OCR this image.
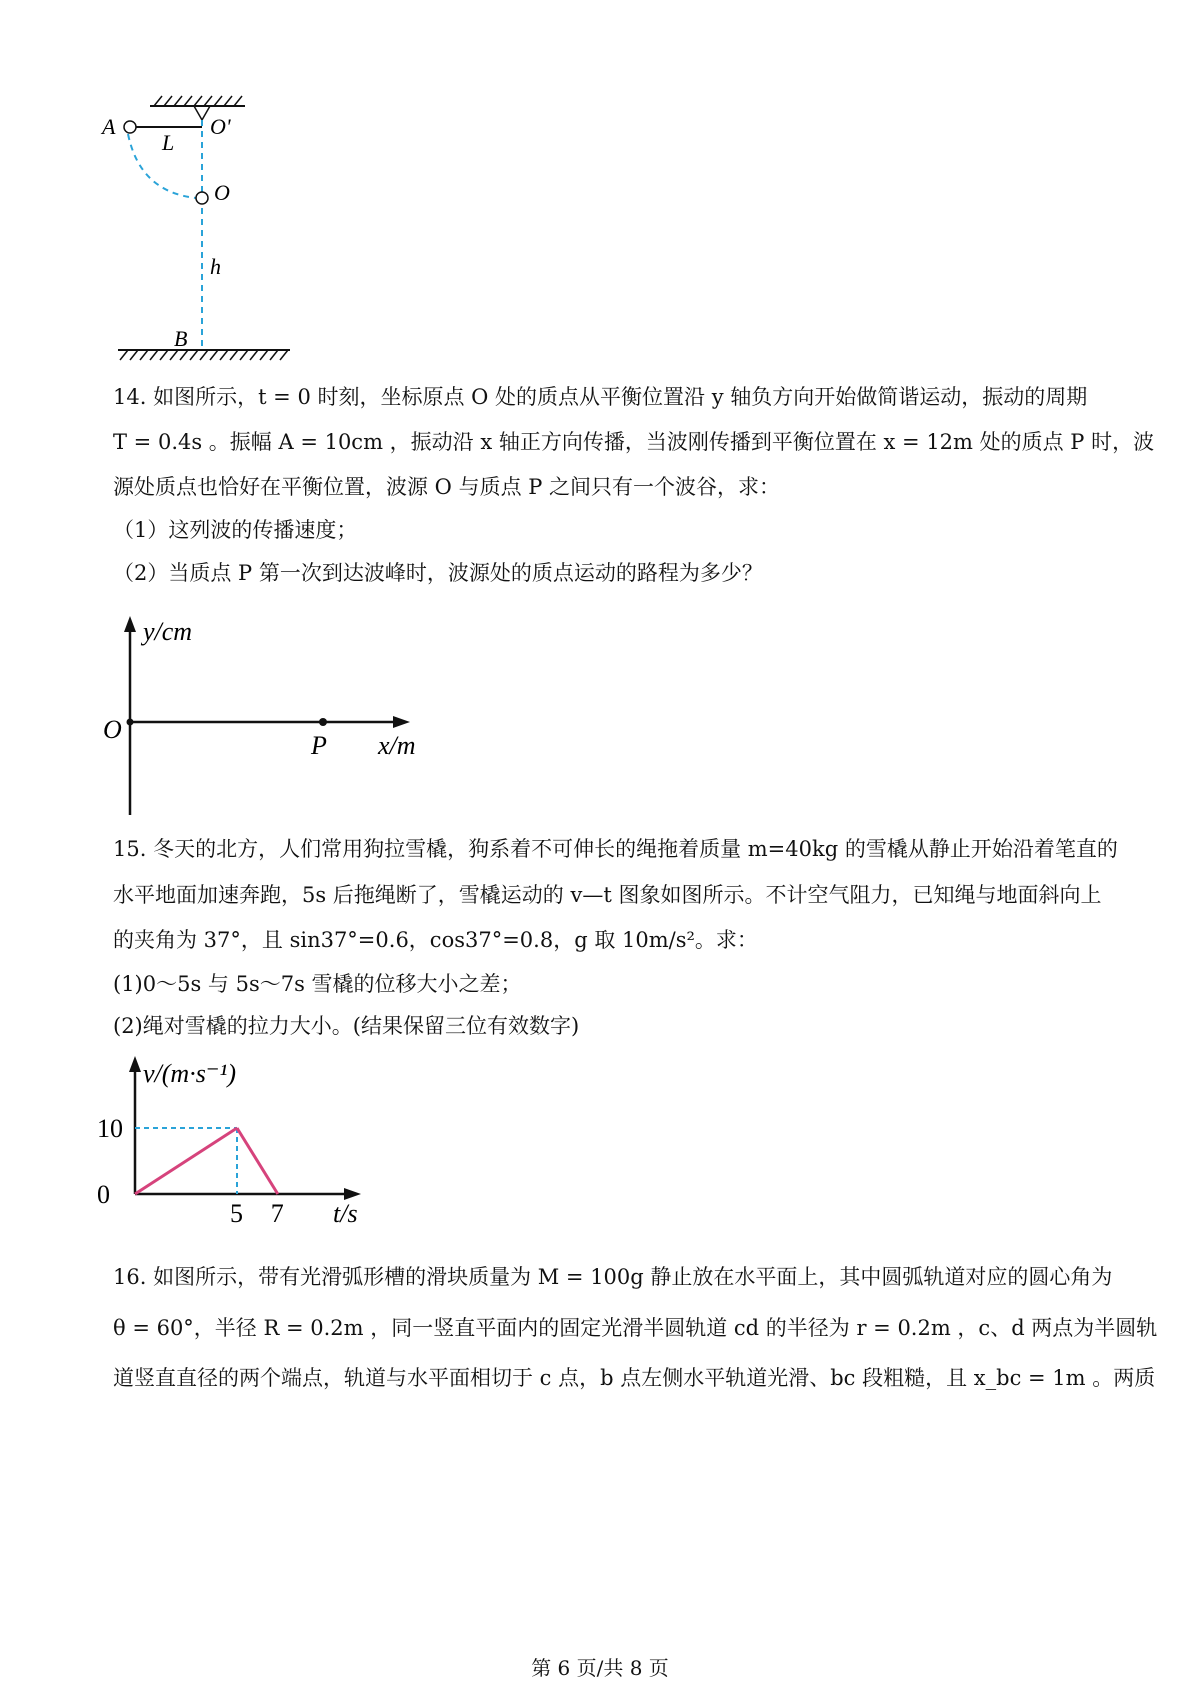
A	O'
L
O
h
B
14. 如图所示，t = 0 时刻，坐标原点 O 处的质点从平衡位置沿 y 轴负方向开始做简谐运动，振动的周期
T = 0.4s 。振幅 A = 10cm ，振动沿 x 轴正方向传播，当波刚传播到平衡位置在 x = 12m 处的质点 P 时，波
源处质点也恰好在平衡位置，波源 O 与质点 P 之间只有一个波谷，求：
（1）这列波的传播速度；
（2）当质点 P 第一次到达波峰时，波源处的质点运动的路程为多少？
y/cm
O
P x/m
15. 冬天的北方，人们常用狗拉雪橇，狗系着不可伸长的绳拖着质量 m=40kg 的雪橇从静止开始沿着笔直的
水平地面加速奔跑，5s 后拖绳断了，雪橇运动的 v—t 图象如图所示。不计空气阻力，已知绳与地面斜向上
的夹角为 37°，且 sin37°=0.6，cos37°=0.8，g 取 10m/s²。求：
(1)0～5s 与 5s～7s 雪橇的位移大小之差；
(2)绳对雪橇的拉力大小。(结果保留三位有效数字)
0
10
5 7
v/(m·s⁻¹)
t/s
16. 如图所示，带有光滑弧形槽的滑块质量为 M = 100g 静止放在水平面上，其中圆弧轨道对应的圆心角为
θ = 60°，半径 R = 0.2m ，同一竖直平面内的固定光滑半圆轨道 cd 的半径为 r = 0.2m ，c、d 两点为半圆轨
道竖直直径的两个端点，轨道与水平面相切于 c 点，b 点左侧水平轨道光滑、bc 段粗糙，且 x_bc = 1m 。两质
第 6 页/共 8 页
